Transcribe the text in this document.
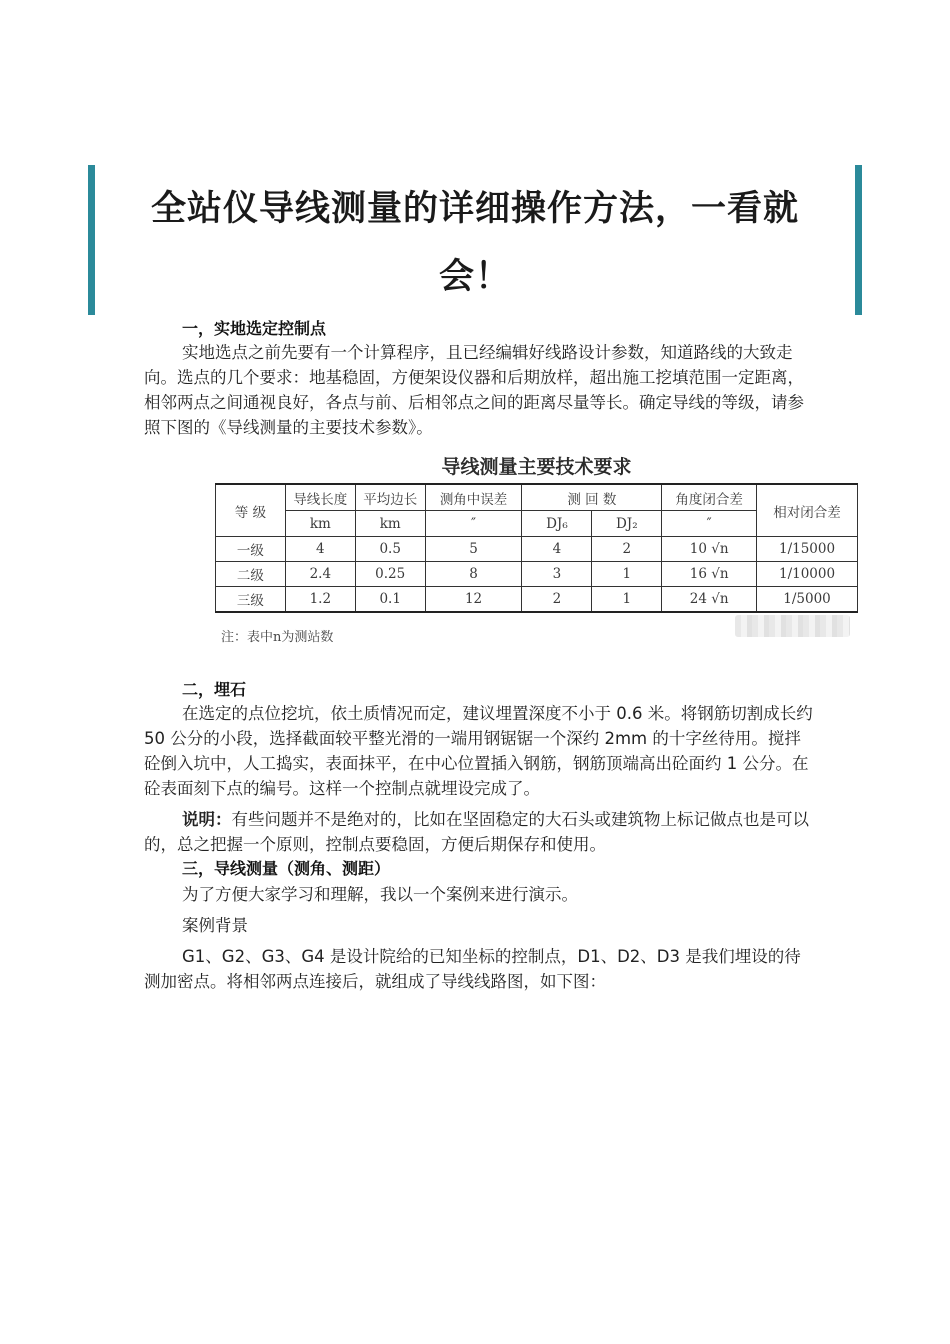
全站仪导线测量的详细操作方法，一看就会！
一，实地选定控制点

实地选点之前先要有一个计算程序，且已经编辑好线路设计参数，知道路线的大致走向。选点的几个要求：地基稳固，方便架设仪器和后期放样，超出施工挖填范围一定距离，相邻两点之间通视良好，各点与前、后相邻点之间的距离尽量等长。确定导线的等级，请参照下图的《导线测量的主要技术参数》。

导线测量主要技术要求
等 级	导线长度	平均边长	测角中误差	测 回 数		角度闭合差	相对闭合差
	km	km	″	DJ₆	DJ₂	″	
一级	4	0.5	5	4	2	10 √n	1/15000
二级	2.4	0.25	8	3	1	16 √n	1/10000
三级	1.2	0.1	12	2	1	24 √n	1/5000
注：表中n为测站数
二，埋石

在选定的点位挖坑，依土质情况而定，建议埋置深度不小于 0.6 米。将钢筋切割成长约 50 公分的小段，选择截面较平整光滑的一端用钢锯锯一个深约 2mm 的十字丝待用。搅拌砼倒入坑中，人工捣实，表面抹平，在中心位置插入钢筋，钢筋顶端高出砼面约 1 公分。在砼表面刻下点的编号。这样一个控制点就埋设完成了。

说明：有些问题并不是绝对的，比如在坚固稳定的大石头或建筑物上标记做点也是可以的，总之把握一个原则，控制点要稳固，方便后期保存和使用。

三，导线测量（测角、测距）

为了方便大家学习和理解，我以一个案例来进行演示。

案例背景

G1、G2、G3、G4 是设计院给的已知坐标的控制点，D1、D2、D3 是我们埋设的待测加密点。将相邻两点连接后，就组成了导线线路图，如下图：
